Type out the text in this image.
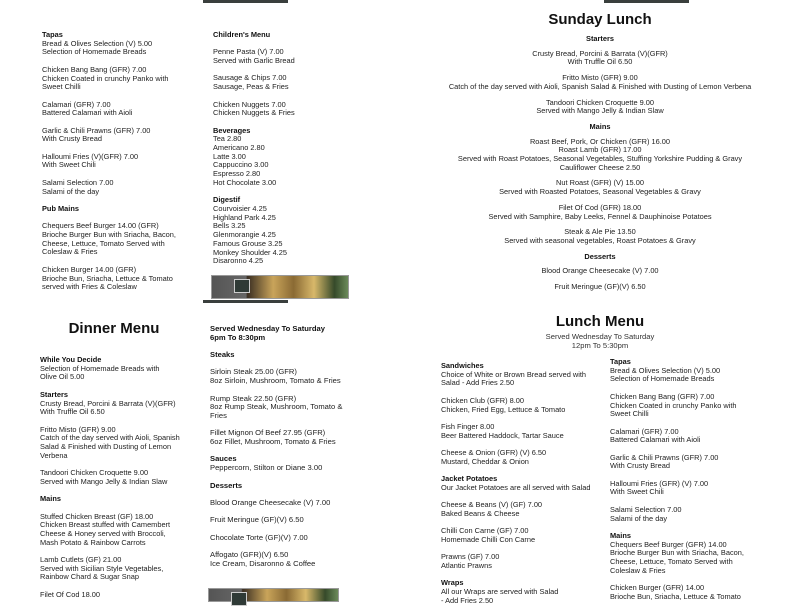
Tapas
Bread & Olives Selection (V) 5.00
Selection of Homemade Breads
Chicken Bang Bang (GFR) 7.00
Chicken Coated in crunchy Panko with
Sweet Chilli
Calamari (GFR) 7.00
Battered Calamari with Aioli
Garlic & Chili Prawns (GFR) 7.00
With Crusty Bread
Halloumi Fries (V)(GFR) 7.00
With Sweet Chili
Salami Selection 7.00
Salami of the day
Pub Mains
Chequers Beef Burger 14.00 (GFR)
Brioche Burger Bun with Sriacha, Bacon,
Cheese, Lettuce, Tomato Served with
Coleslaw & Fries
Chicken Burger 14.00 (GFR)
Brioche Bun, Sriacha, Lettuce & Tomato
served with Fries & Coleslaw
Children's Menu
Penne Pasta (V) 7.00
Served with Garlic Bread
Sausage & Chips 7.00
Sausage, Peas & Fries
Chicken Nuggets 7.00
Chicken Nuggets & Fries
Beverages
Tea 2.80
Americano 2.80
Latte 3.00
Cappuccino 3.00
Espresso 2.80
Hot Chocolate 3.00
Digestif
Courvoisier 4.25
Highland Park 4.25
Bells 3.25
Glenmorangie 4.25
Famous Grouse 3.25
Monkey Shoulder 4.25
Disaronno 4.25
Sunday Lunch
Starters
Crusty Bread, Porcini & Barrata (V)(GFR)
With Truffle Oil 6.50
Fritto Misto (GFR) 9.00
Catch of the day served with Aioli, Spanish Salad & Finished with Dusting of Lemon Verbena
Tandoori Chicken Croquette 9.00
Served with Mango Jelly & Indian Slaw
Mains
Roast Beef, Pork, Or Chicken (GFR) 16.00
Roast Lamb (GFR) 17.00
Served with Roast Potatoes, Seasonal Vegetables, Stuffing Yorkshire Pudding & Gravy
Cauliflower Cheese 2.50
Nut Roast (GFR) (V) 15.00
Served with Roasted Potatoes, Seasonal Vegetables & Gravy
Filet Of Cod (GFR) 18.00
Served with Samphire, Baby Leeks, Fennel & Dauphinoise Potatoes
Steak & Ale Pie 13.50
Served with seasonal vegetables, Roast Potatoes & Gravy
Desserts
Blood Orange Cheesecake (V) 7.00
Fruit Meringue (GF)(V) 6.50
Dinner Menu
While You Decide
Selection of Homemade Breads with
Olive Oil 5.00
Starters
Crusty Bread, Porcini & Barrata (V)(GFR)
With Truffle Oil 6.50
Fritto Misto (GFR) 9.00
Catch of the day served with Aioli, Spanish
Salad & Finished with Dusting of Lemon
Verbena
Tandoori Chicken Croquette 9.00
Served with Mango Jelly & Indian Slaw
Mains
Stuffed Chicken Breast (GF) 18.00
Chicken Breast stuffed with Camembert
Cheese & Honey served with Broccoli,
Mash Potato & Rainbow Carrots
Lamb Cutlets (GF) 21.00
Served with Sicilian Style Vegetables,
Rainbow Chard & Sugar Snap
Filet Of Cod 18.00
Served Wednesday To Saturday
6pm To 8:30pm
Steaks
Sirloin Steak 25.00 (GFR)
8oz Sirloin, Mushroom, Tomato & Fries
Rump Steak 22.50 (GFR)
8oz Rump Steak, Mushroom, Tomato &
Fries
Fillet Mignon Of Beef 27.95 (GFR)
6oz Fillet, Mushroom, Tomato & Fries
Sauces
Peppercorn, Stilton or Diane 3.00
Desserts
Blood Orange Cheesecake (V) 7.00
Fruit Meringue (GF)(V) 6.50
Chocolate Torte (GF)(V) 7.00
Affogato (GFR)(V) 6.50
Ice Cream, Disaronno & Coffee
Lunch Menu
Served Wednesday To Saturday
12pm To 5:30pm
Sandwiches
Choice of White or Brown Bread served with
Salad - Add Fries 2.50
Chicken Club (GFR) 8.00
Chicken, Fried Egg, Lettuce & Tomato
Fish Finger 8.00
Beer Battered Haddock, Tartar Sauce
Cheese & Onion (GFR) (V) 6.50
Mustard, Cheddar & Onion
Jacket Potatoes
Our Jacket Potatoes are all served with Salad
Cheese & Beans (V) (GF) 7.00
Baked Beans & Cheese
Chilli Con Carne (GF) 7.00
Homemade Chilli Con Carne
Prawns (GF) 7.00
Atlantic Prawns
Wraps
All our Wraps are served with Salad
- Add Fries 2.50
Tapas
Bread & Olives Selection (V) 5.00
Selection of Homemade Breads
Chicken Bang Bang (GFR) 7.00
Chicken Coated in crunchy Panko with
Sweet Chilli
Calamari (GFR) 7.00
Battered Calamari with Aioli
Garlic & Chili Prawns (GFR) 7.00
With Crusty Bread
Halloumi Fries (GFR) (V) 7.00
With Sweet Chili
Salami Selection 7.00
Salami of the day
Mains
Chequers Beef Burger (GFR) 14.00
Brioche Burger Bun with Sriacha, Bacon,
Cheese, Lettuce, Tomato Served with
Coleslaw & Fries
Chicken Burger (GFR) 14.00
Brioche Bun, Sriacha, Lettuce & Tomato
